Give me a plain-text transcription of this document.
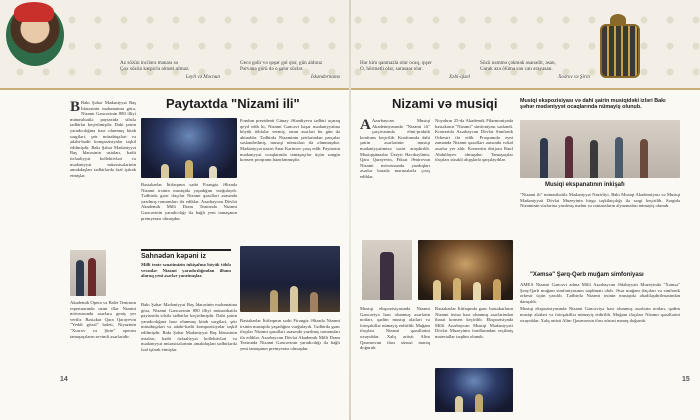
Az sözün incilərə mənası sə
Çox sözün kərpiclə əlməti olmaz.
Leyli və Məcnun
Gecə gəlir və qəşər gəl qisr, gün aldınız
Pərvanə görü də o şalər sözlər.
İskəndərnamə
Hər kim qanmazla olur ocaq, qışer
O, hörmətli olar, sarasaər olar.
Xəbi-qizel
Sözü nəmmə çəkmək əsanədir, əsan,
Gərək əzə ölümə sən can ərəyasan.
Xosrov və Şirin
Paytaxtda "Nizami ili"

B Bakı Şəhər Mədəniyyət Baş İdarəsinin məlumatına görə, Nizami Gəncəvinin 880 illiyi münasibətilə paytaxtda silsilə tədbirlər keçirilmişdir. Dahi şairin yaradıcılığına həsr olunmuş kitab sərgiləri, şeir müsabiqələri və ədəbi-bədii kompozisiyalar təşkil edilmişdir. Bakı Şəhər Mədəniyyət Baş İdarəsinin ustaları, bədii özfəaliyyət kollektivləri və mədəniyyət müəssisələrinin əməkdaşları tədbirlərdə fəal iştirak etmişlər.

Fondun prezidenti Günay Əfəndiyeva tədbiri açaraq qeyd edib ki, Nizami Gəncəvi bəşər mədəniyyətinə böyük töhfələr vermiş, onun əsərləri bu gün də aktualdır. Tədbirdə Nizaminin şeirlərindən parçalar səsləndirilmiş, musiqi nömrələri ifa olunmuşdur. Mədəniyyət naziri Anar Kərimov çıxış edib. Paytaxtın mədəniyyət ocaqlarında tamaşaçılar üçün zəngin konsert proqramı hazırlanmışdır.

Bəstəkarlar İttifaqının sədri Firəngiz Əlizadə Nizami irsinin musiqidə yaşadığını vurğulayıb. Tədbirdə gənc ifaçılar Nizami qəzəlləri əsasında yazılmış romansları ifa ediblər. Azərbaycan Dövlət Akademik Milli Dram Teatrında Nizami Gəncəvinin yaradıcılığı ilə bağlı yeni tamaşanın premyerası olmuşdur.

Sahnədən kəpəni iz
Milli teatr sənətimizin inkişafına böyük töhfə verənlər Nizami yaradıcılığından ilham alaraq yeni əsərlər yaratmışlar.

Akademik Opera və Balet Teatrının repertuarında uzun illər Nizami mövzusunda əsərlərə geniş yer verilir. Bəstəkar Qara Qarayevin "Yeddi gözəl" baleti, Niyazinin "Xosrov və Şirin" operası tamaşaçıların sevimli əsərləridir.

Bakı Şəhər Mədəniyyət Baş İdarəsinin məlumatına görə, Nizami Gəncəvinin 880 illiyi münasibətilə paytaxtda silsilə tədbirlər keçirilmişdir. Dahi şairin yaradıcılığına həsr olunmuş kitab sərgiləri, şeir müsabiqələri və ədəbi-bədii kompozisiyalar təşkil edilmişdir. Bakı Şəhər Mədəniyyət Baş İdarəsinin ustaları, bədii özfəaliyyət kollektivləri və mədəniyyət müəssisələrinin əməkdaşları tədbirlərdə fəal iştirak etmişlər.

Bəstəkarlar İttifaqının sədri Firəngiz Əlizadə Nizami irsinin musiqidə yaşadığını vurğulayıb. Tədbirdə gənc ifaçılar Nizami qəzəlləri əsasında yazılmış romansları ifa ediblər. Azərbaycan Dövlət Akademik Milli Dram Teatrında Nizami Gəncəvinin yaradıcılığı ilə bağlı yeni tamaşanın premyerası olmuşdur.

14
Nizami və musiqi

A Azərbaycan Musiqi Akademiyasında "Nizami ili" çərçivəsində elmi-praktik konfrans keçirilib. Konfransda dahi şairin əsərlərinin musiqi mədəniyyətimizə təsiri araşdırılıb. Musiqişünaslar Üzeyir Hacıbəylinin, Qara Qarayevin, Fikrət Əmirovun Nizami mövzusunda yazdıqları əsərlər barədə məruzələrlə çıxış ediblər.

Noyabrın 25-də Akademik Filarmoniyada bəstəkarın "Nizami" simfoniyası səsləndi. Konsertdə Azərbaycan Dövlət Simfonik Orkestri ifa edib. Proqramda eyni zamanda Nizami qəzəlləri əsasında vokal əsərlər yer alıb. Konsertin dirijoru Rauf Abdullayev olmuşdur. Tamaşaçılar ifaçıları sürəkli alqışlarla qarşılayıblar.

Musiqi ekspozisiyasında Nizami Gəncəviyə həsr olunmuş əsərlərin notları, qədim musiqi alətləri və fotoşəkillər nümayiş etdirilib. Muğam ifaçıları Nizami qəzəllərini oxuyublar. Xalq artisti Alim Qasımovun ifası xüsusi maraq doğurub.

Bəstəkarlar İttifaqında gənc bəstəkarların Nizami irsinə həsr olunmuş əsərlərindən ibarət konsert keçirilib. Ekspozisiyada Milli Azərbaycan Musiqi Mədəniyyəti Dövlət Muzeyinin fondlarından seçilmiş materiallar təqdim olunub.

Musiqi ekspozisiyası və dahi şairin musiqidəki izləri Bakı şəhər mədəniyyət ocaqlarında nümayiş olunub.
Musiqi ekspanatının inkişafı

"Nizami ili" münasibətilə Mədəniyyət Nazirliyi, Bakı Musiqi Akademiyası və Musiqi Mədəniyyəti Dövlət Muzeyinin birgə təşkilatçılığı ilə sərgi keçirilib. Sərgidə Nizaminin sözlərinə yazılmış mahnı və romansların əlyazmaları nümayiş olunub.

"Xəmsə" Şərq-Qərb muğam simfoniyası

AMEA Nizami Gəncəvi adına Milli Azərbaycan Ədəbiyyatı Muzeyində "Xəmsə" Şərq-Qərb muğam simfoniyasının təqdimatı olub. Əsər muğam ifaçıları və simfonik orkestr üçün yazılıb. Tədbirdə Nizami irsinin musiqidə əbədiləşdirilməsindən danışılıb.

Musiqi ekspozisiyasında Nizami Gəncəviyə həsr olunmuş əsərlərin notları, qədim musiqi alətləri və fotoşəkillər nümayiş etdirilib. Muğam ifaçıları Nizami qəzəllərini oxuyublar. Xalq artisti Alim Qasımovun ifası xüsusi maraq doğurub.

15
